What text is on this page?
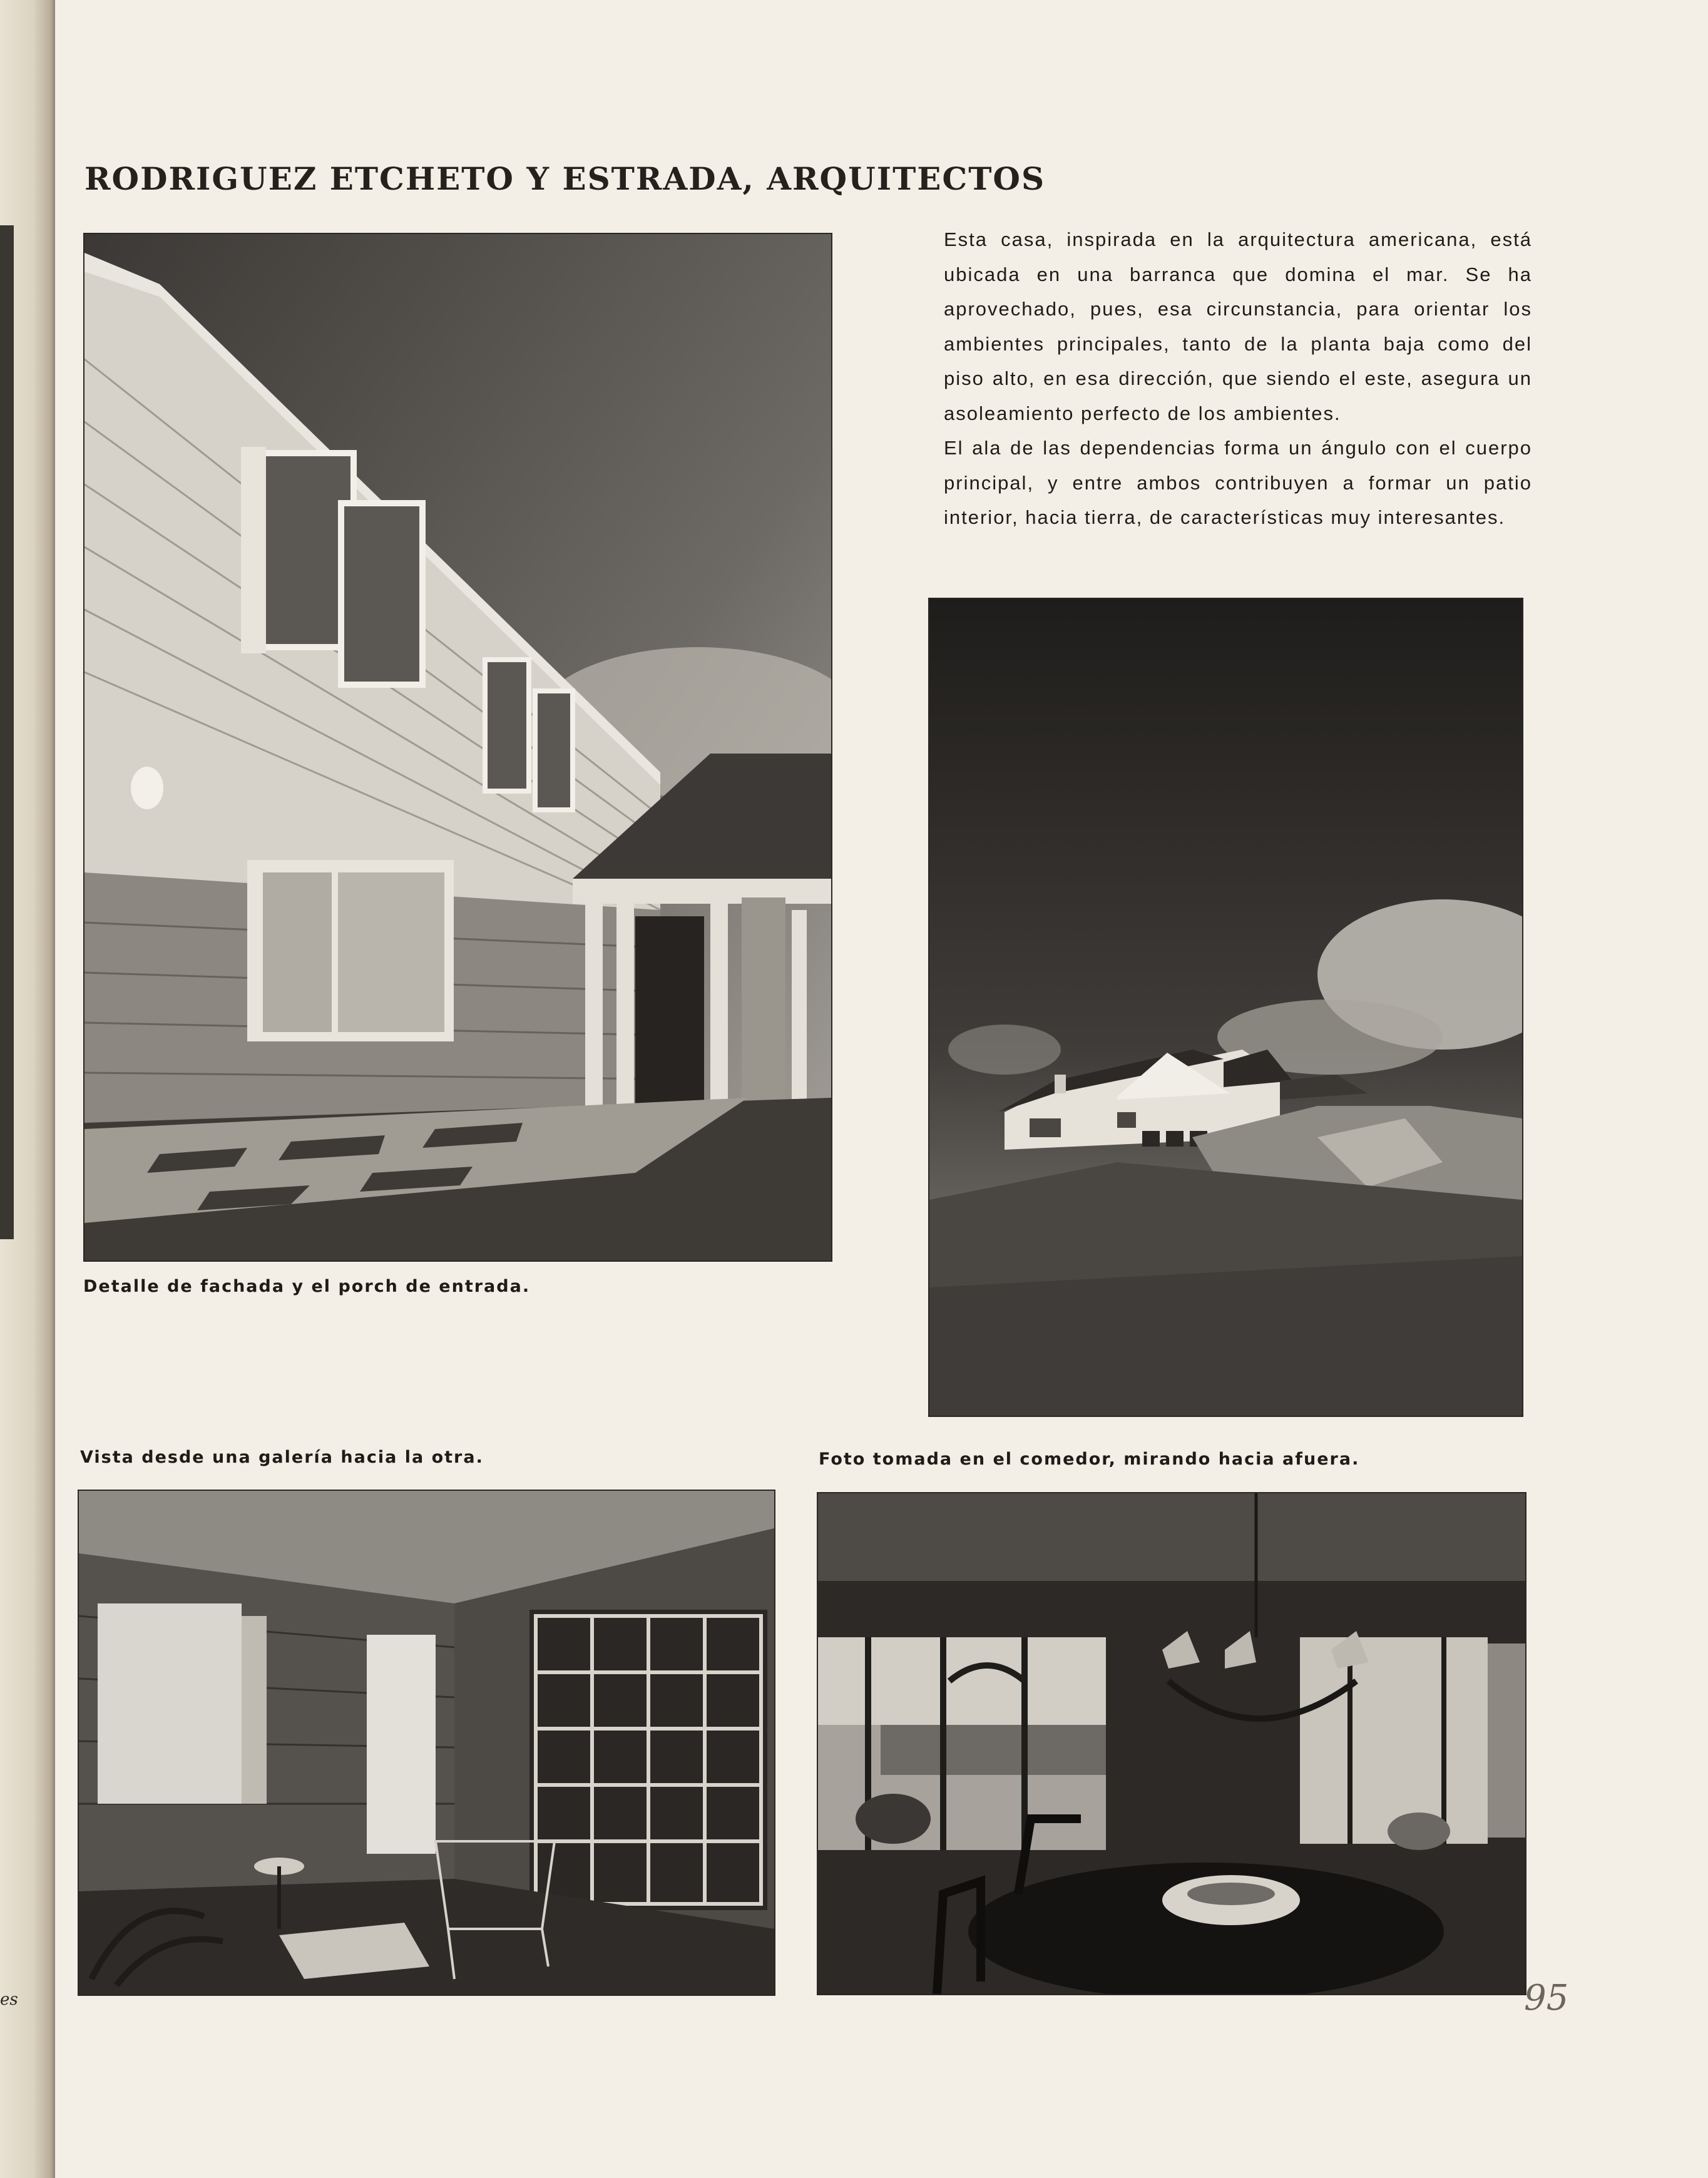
es
RODRIGUEZ ETCHETO Y ESTRADA, ARQUITECTOS

Esta casa, inspirada en la arquitectura americana, está ubicada en una barranca que domina el mar. Se ha aprovechado, pues, esa circunstancia, para orientar los ambientes principales, tanto de la planta baja como del piso alto, en esa dirección, que siendo el este, asegura un asoleamiento perfecto de los ambientes.

El ala de las dependencias forma un ángulo con el cuerpo principal, y entre ambos contribuyen a formar un patio interior, hacia tierra, de características muy interesantes.

Detalle de fachada y el porch de entrada.
Vista desde una galería hacia la otra.	Foto tomada en el comedor, mirando hacia afuera.
95
